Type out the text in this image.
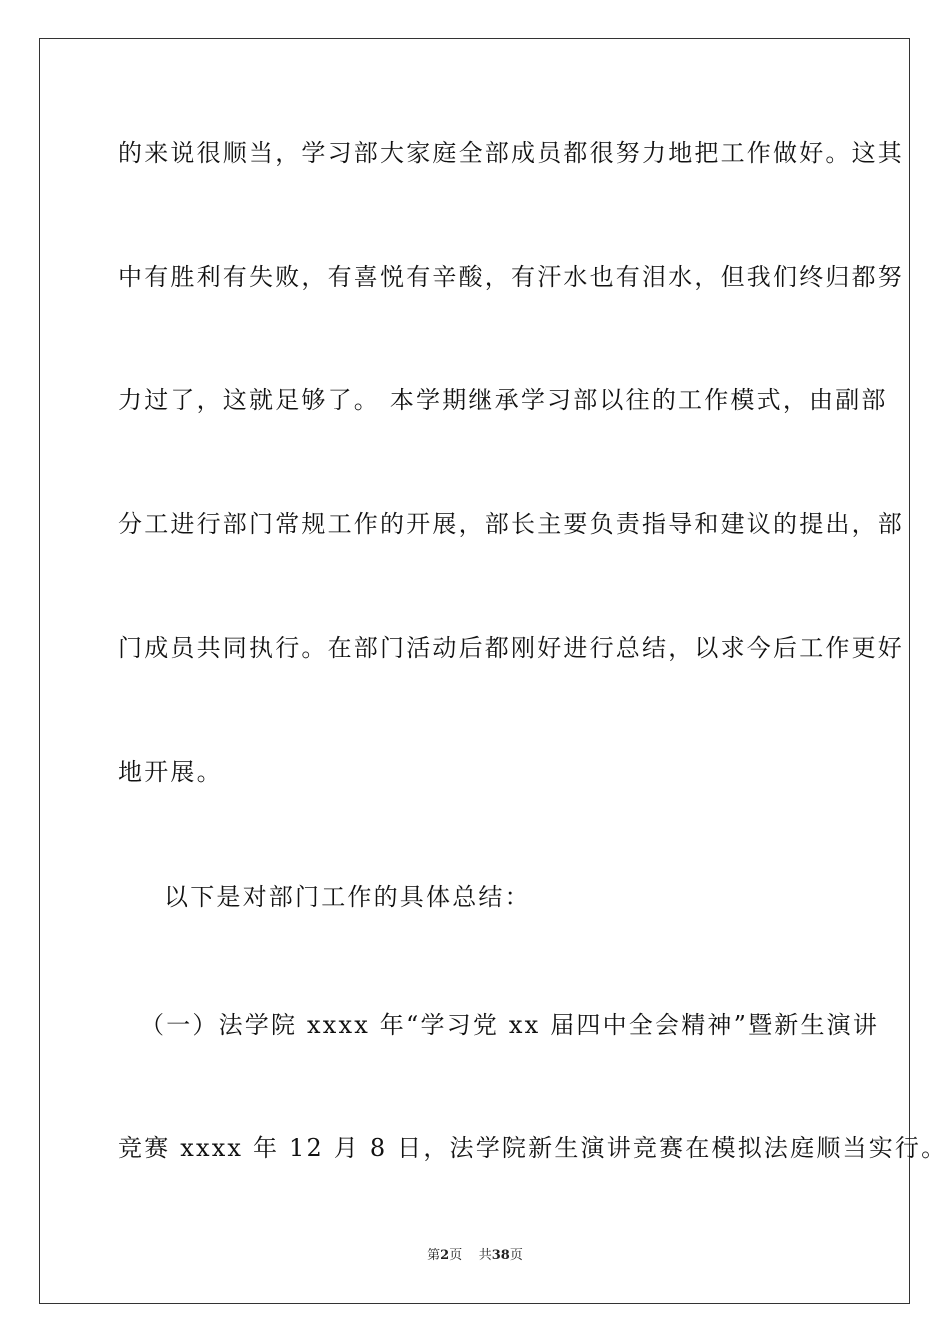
的来说很顺当，学习部大家庭全部成员都很努力地把工作做好。这其
中有胜利有失败，有喜悦有辛酸，有汗水也有泪水，但我们终归都努
力过了，这就足够了。 本学期继承学习部以往的工作模式，由副部
分工进行部门常规工作的开展，部长主要负责指导和建议的提出，部
门成员共同执行。在部门活动后都刚好进行总结，以求今后工作更好
地开展。
以下是对部门工作的具体总结：
（一）法学院 xxxx 年“学习党 xx 届四中全会精神”暨新生演讲
竞赛 xxxx 年 12 月 8 日，法学院新生演讲竞赛在模拟法庭顺当实行。
第2页 共38页
